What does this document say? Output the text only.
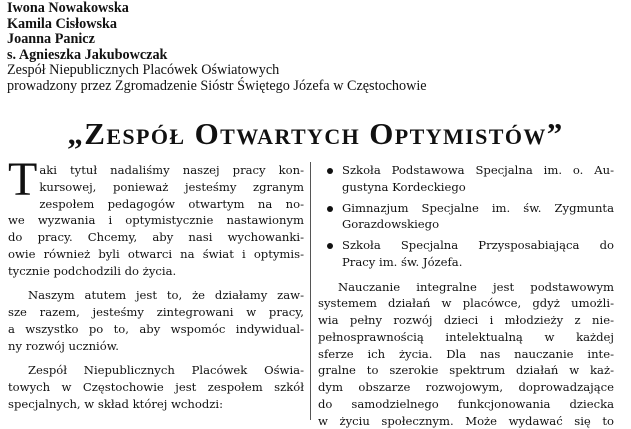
Iwona Nowakowska
Kamila Cisłowska
Joanna Panicz
s. Agnieszka Jakubowczak
Zespół Niepublicznych Placówek Oświatowych
prowadzony przez Zgromadzenie Sióstr Świętego Józefa w Częstochowie
„Zespół Otwartych Optymistów”
T aki tytuł nadaliśmy naszej pracy kon-
kursowej, ponieważ jesteśmy zgranym
zespołem pedagogów otwartym na no-
we wyzwania i optymistycznie nastawionym
do pracy. Chcemy, aby nasi wychowanki-
owie również byli otwarci na świat i optymis-
tycznie podchodzili do życia.
Naszym atutem jest to, że działamy zaw-
sze razem, jesteśmy zintegrowani w pracy,
a wszystko po to, aby wspomóc indywidual-
ny rozwój uczniów.
Zespół Niepublicznych Placówek Oświa-
towych w Częstochowie jest zespołem szkół
specjalnych, w skład której wchodzi:
Szkoła Podstawowa Specjalna im. o. Au-
gustyna Kordeckiego
Gimnazjum Specjalne im. św. Zygmunta
Gorazdowskiego
Szkoła Specjalna Przysposabiająca do
Pracy im. św. Józefa.
Nauczanie integralne jest podstawowym
systemem działań w placówce, gdyż umożli-
wia pełny rozwój dzieci i młodzieży z nie-
pełnosprawnością intelektualną w każdej
sferze ich życia. Dla nas nauczanie inte-
gralne to szerokie spektrum działań w każ-
dym obszarze rozwojowym, doprowadzające
do samodzielnego funkcjonowania dziecka
w życiu społecznym. Może wydawać się to
